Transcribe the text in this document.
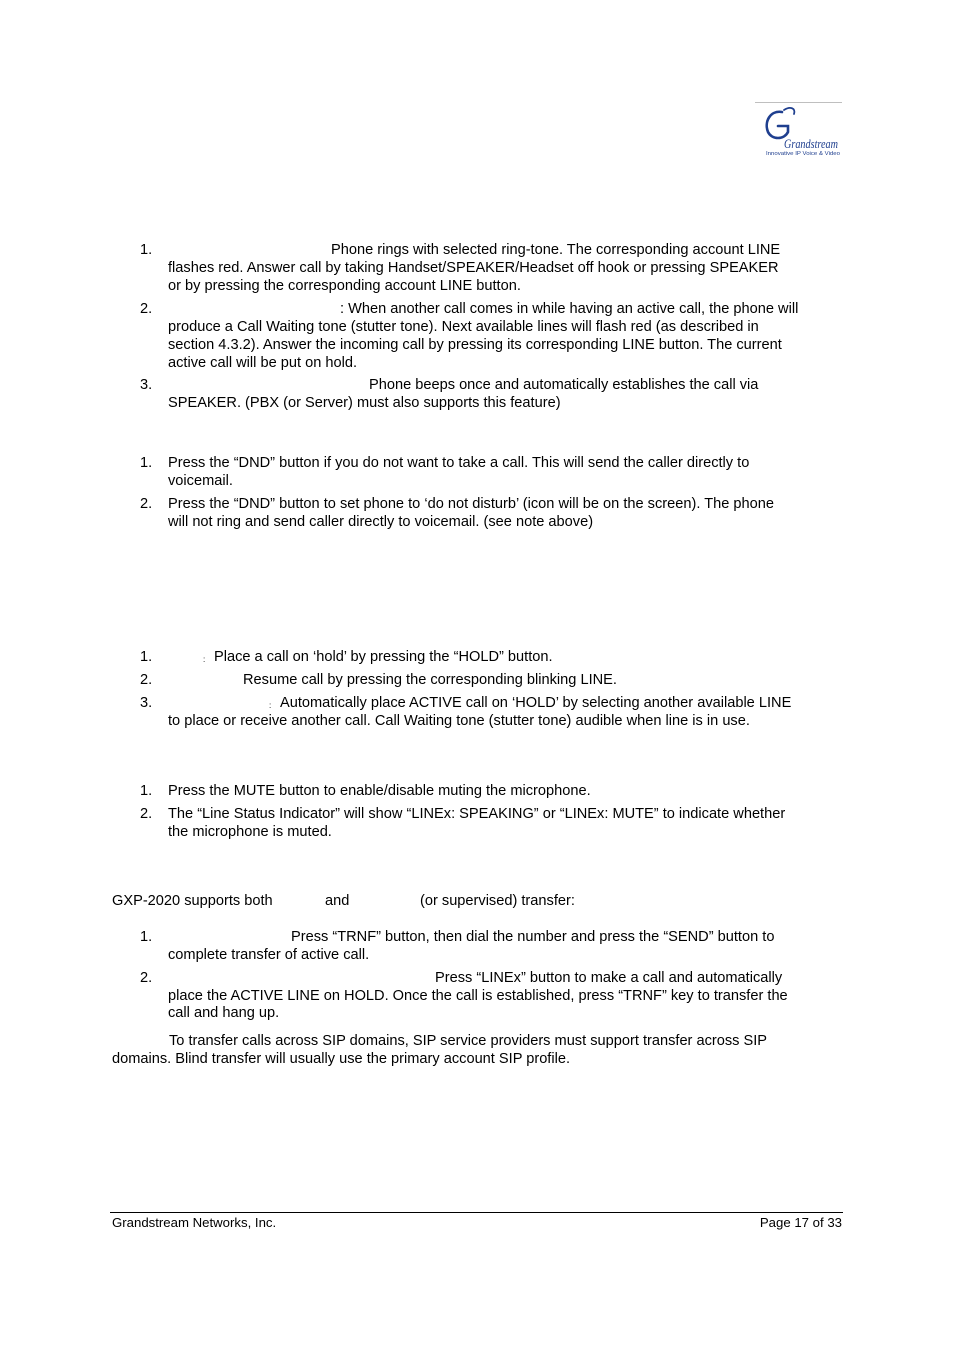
Grandstream
Innovative IP Voice & Video
1.	Phone rings with selected ring-tone. The corresponding account LINE
flashes red. Answer call by taking Handset/SPEAKER/Headset off hook or pressing SPEAKER
or by pressing the corresponding account LINE button.
2.	: When another call comes in while having an active call, the phone will
produce a Call Waiting tone (stutter tone). Next available lines will flash red (as described in
section 4.3.2). Answer the incoming call by pressing its corresponding LINE button. The current
active call will be put on hold.
3.	Phone beeps once and automatically establishes the call via
SPEAKER. (PBX (or Server) must also supports this feature)
1. Press the “DND” button if you do not want to take a call. This will send the caller directly to
voicemail.
2. Press the “DND” button to set phone to ‘do not disturb’ (icon will be on the screen). The phone
will not ring and send caller directly to voicemail. (see note above)
1.	: Place a call on ‘hold’ by pressing the “HOLD” button.
2.	Resume call by pressing the corresponding blinking LINE.
3.	: Automatically place ACTIVE call on ‘HOLD’ by selecting another available LINE
to place or receive another call. Call Waiting tone (stutter tone) audible when line is in use.
1. Press the MUTE button to enable/disable muting the microphone.
2. The “Line Status Indicator” will show “LINEx: SPEAKING” or “LINEx: MUTE” to indicate whether
the microphone is muted.
GXP-2020 supports both	and	(or supervised) transfer:
1.	Press “TRNF” button, then dial the number and press the “SEND” button to
complete transfer of active call.
2.	Press “LINEx” button to make a call and automatically
place the ACTIVE LINE on HOLD. Once the call is established, press “TRNF” key to transfer the
call and hang up.
To transfer calls across SIP domains, SIP service providers must support transfer across SIP
domains. Blind transfer will usually use the primary account SIP profile.
Grandstream Networks, Inc.	Page 17 of 33
